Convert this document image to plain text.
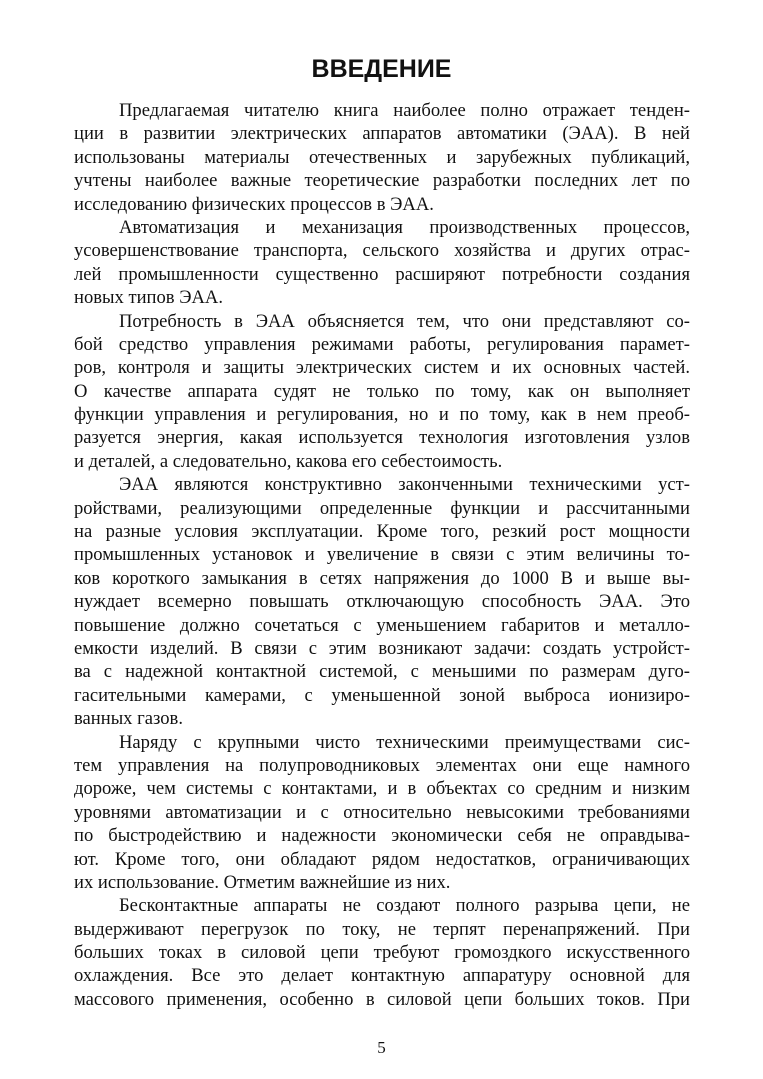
ВВЕДЕНИЕ
Предлагаемая читателю книга наиболее полно отражает тенден-
ции в развитии электрических аппаратов автоматики (ЭАА). В ней
использованы материалы отечественных и зарубежных публикаций,
учтены наиболее важные теоретические разработки последних лет по
исследованию физических процессов в ЭАА.
Автоматизация и механизация производственных процессов,
усовершенствование транспорта, сельского хозяйства и других отрас-
лей промышленности существенно расширяют потребности создания
новых типов ЭАА.
Потребность в ЭАА объясняется тем, что они представляют со-
бой средство управления режимами работы, регулирования парамет-
ров, контроля и защиты электрических систем и их основных частей.
О качестве аппарата судят не только по тому, как он выполняет
функции управления и регулирования, но и по тому, как в нем преоб-
разуется энергия, какая используется технология изготовления узлов
и деталей, а следовательно, какова его себестоимость.
ЭАА являются конструктивно законченными техническими уст-
ройствами, реализующими определенные функции и рассчитанными
на разные условия эксплуатации. Кроме того, резкий рост мощности
промышленных установок и увеличение в связи с этим величины то-
ков короткого замыкания в сетях напряжения до 1000 В и выше вы-
нуждает всемерно повышать отключающую способность ЭАА. Это
повышение должно сочетаться с уменьшением габаритов и металло-
емкости изделий. В связи с этим возникают задачи: создать устройст-
ва с надежной контактной системой, с меньшими по размерам дуго-
гасительными камерами, с уменьшенной зоной выброса ионизиро-
ванных газов.
Наряду с крупными чисто техническими преимуществами сис-
тем управления на полупроводниковых элементах они еще намного
дороже, чем системы с контактами, и в объектах со средним и низким
уровнями автоматизации и с относительно невысокими требованиями
по быстродействию и надежности экономически себя не оправдыва-
ют. Кроме того, они обладают рядом недостатков, ограничивающих
их использование. Отметим важнейшие из них.
Бесконтактные аппараты не создают полного разрыва цепи, не
выдерживают перегрузок по току, не терпят перенапряжений. При
больших токах в силовой цепи требуют громоздкого искусственного
охлаждения. Все это делает контактную аппаратуру основной для
массового применения, особенно в силовой цепи больших токов. При
5
